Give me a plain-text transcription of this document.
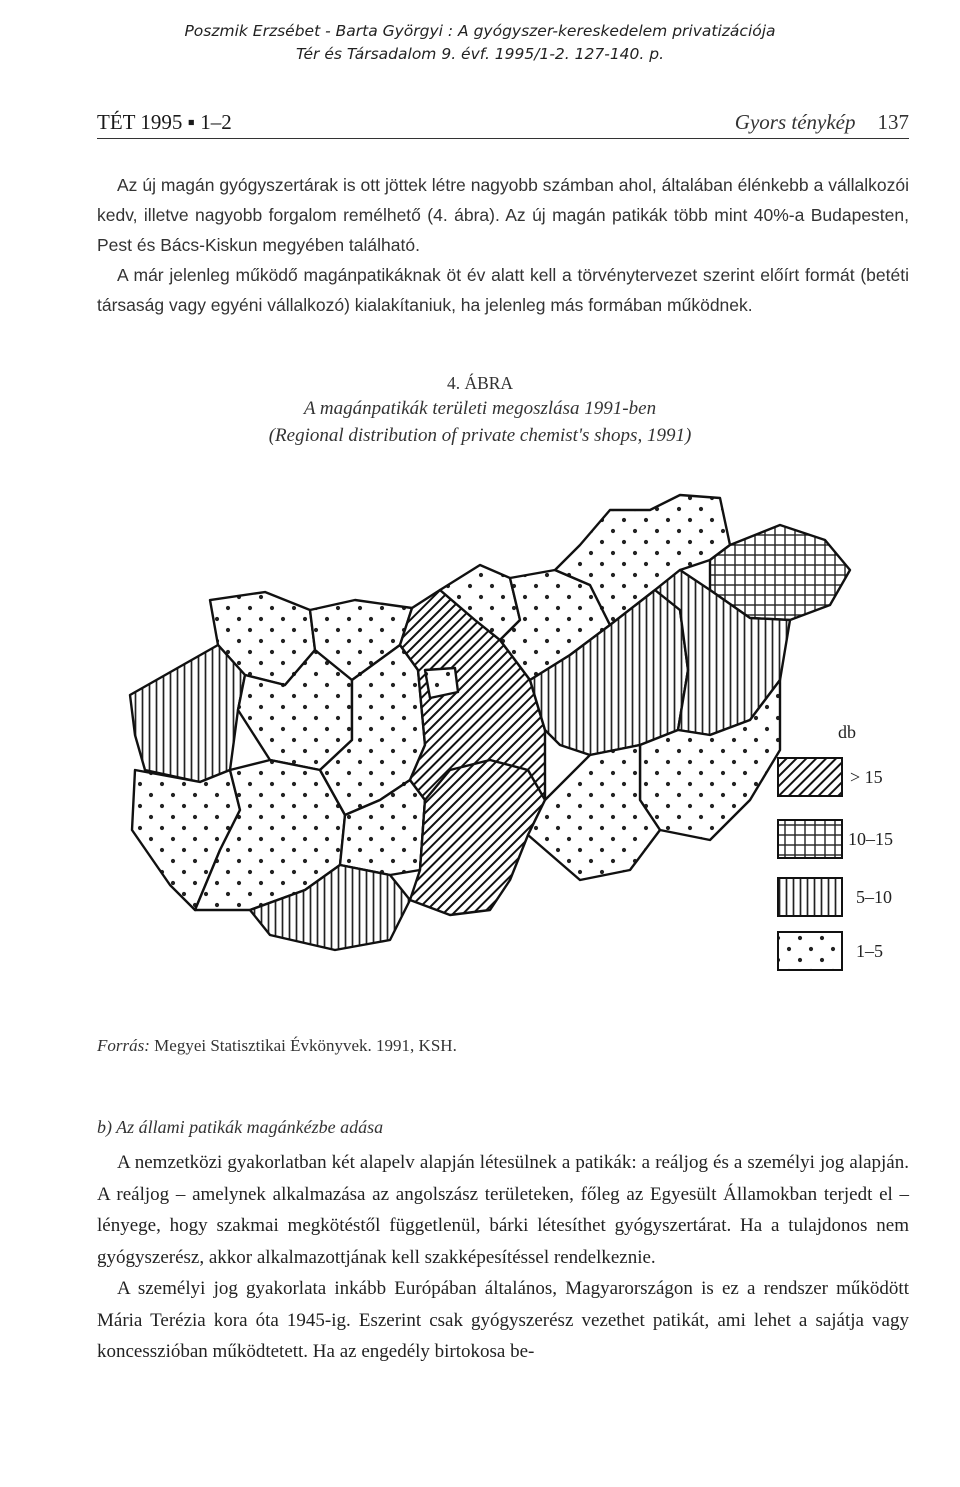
Poszmik Erzsébet - Barta Györgyi : A gyógyszer-kereskedelem privatizációja
Tér és Társadalom 9. évf. 1995/1-2. 127-140. p.
TÉT 1995 ▪ 1–2	Gyors ténykép 137

Az új magán gyógyszertárak is ott jöttek létre nagyobb számban ahol, általában élénkebb a vállalkozói kedv, illetve nagyobb forgalom remélhető (4. ábra). Az új magán patikák több mint 40%-a Budapesten, Pest és Bács-Kiskun megyében található.

A már jelenleg működő magánpatikáknak öt év alatt kell a törvénytervezet szerint előírt formát (betéti társaság vagy egyéni vállalkozó) kialakítaniuk, ha jelenleg más formában működnek.

4. ÁBRA
A magánpatikák területi megoszlása 1991-ben
(Regional distribution of private chemist's shops, 1991)
db
> 15
10–15
5–10
1–5
Forrás: Megyei Statisztikai Évkönyvek. 1991, KSH.
b) Az állami patikák magánkézbe adása

A nemzetközi gyakorlatban két alapelv alapján létesülnek a patikák: a reáljog és a személyi jog alapján. A reáljog – amelynek alkalmazása az angolszász területeken, főleg az Egyesült Államokban terjedt el – lényege, hogy szakmai megkötéstől függetlenül, bárki létesíthet gyógyszertárat. Ha a tulajdonos nem gyógyszerész, akkor alkalmazottjának kell szakképesítéssel rendelkeznie.

A személyi jog gyakorlata inkább Európában általános, Magyarországon is ez a rendszer működött Mária Terézia kora óta 1945-ig. Eszerint csak gyógyszerész vezethet patikát, ami lehet a sajátja vagy koncesszióban működtetett. Ha az engedély birtokosa be-
